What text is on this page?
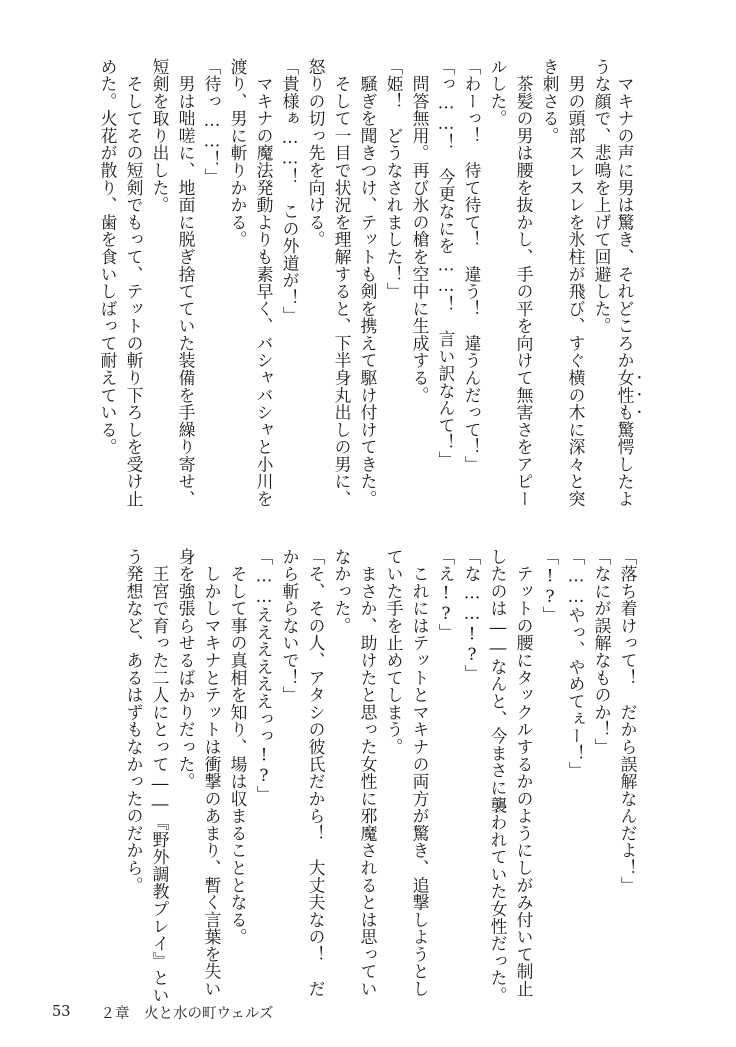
　マキナの声に男は驚き、それどころか女性も驚愕したよ
うな顔で、悲鳴を上げて回避した。
　男の頭部スレスレを氷柱が飛び、すぐ横の木に深々と突
き刺さる。
　茶髪の男は腰を抜かし、手の平を向けて無害さをアピー
ルした。
「わーっ！　待て待て！　違う！　違うんだって！」
「っ……！　今更なにを……！　言い訳なんて！」
　問答無用。再び氷の槍を空中に生成する。
「姫！　どうなされました！」
　騒ぎを聞きつけ、テットも剣を携えて駆け付けてきた。
　そして一目で状況を理解すると、下半身丸出しの男に、
怒りの切っ先を向ける。
「貴様ぁ……！　この外道が！」
　マキナの魔法発動よりも素早く、バシャバシャと小川を
渡り、男に斬りかかる。
「待っ……！」
　男は咄嗟に、地面に脱ぎ捨てていた装備を手繰り寄せ、
短剣を取り出した。
　そしてその短剣でもって、テットの斬り下ろしを受け止
めた。火花が散り、歯を食いしばって耐えている。
「落ち着けって！　だから誤解なんだよ！」
「なにが誤解なものか！」
「……やっ、やめてぇー！」
「!?」
　テットの腰にタックルするかのようにしがみ付いて制止
したのは――なんと、今まさに襲われていた女性だった。
「な……!?」
「え!?」
　これにはテットとマキナの両方が驚き、追撃しようとし
ていた手を止めてしまう。
　まさか、助けたと思った女性に邪魔されるとは思ってい
なかった。
「そ、その人、アタシの彼氏だから！　大丈夫なの！　だ
から斬らないで！」
「……ええええええっっ!?」
　そして事の真相を知り、場は収まることとなる。
　しかしマキナとテットは衝撃のあまり、暫く言葉を失い
身を強張らせるばかりだった。
　王宮で育った二人にとって――『野外調教プレイ』とい
う発想など、あるはずもなかったのだから。
53 ２章　火と水の町ウェルズ
